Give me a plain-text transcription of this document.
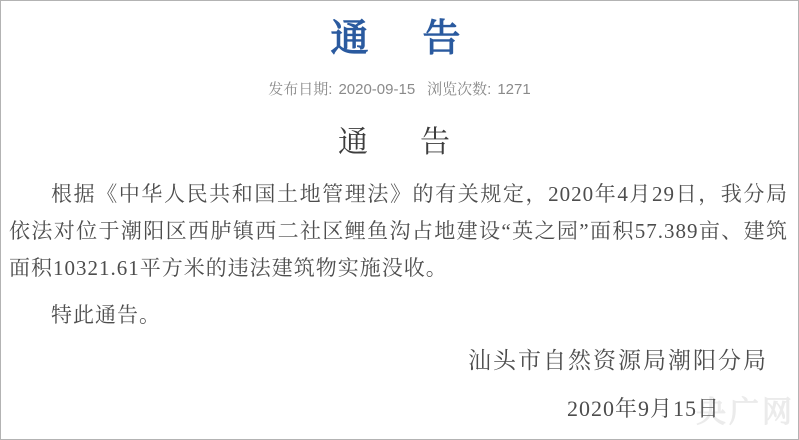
央广网
通　告
发布日期: 2020-09-15 浏览次数: 1271
通　告

根据《中华人民共和国土地管理法》的有关规定，2020年4月29日，我分局依法对位于潮阳区西胪镇西二社区鲤鱼沟占地建设“英之园”面积57.389亩、建筑面积10321.61平方米的违法建筑物实施没收。

特此通告。

汕头市自然资源局潮阳分局
2020年9月15日
